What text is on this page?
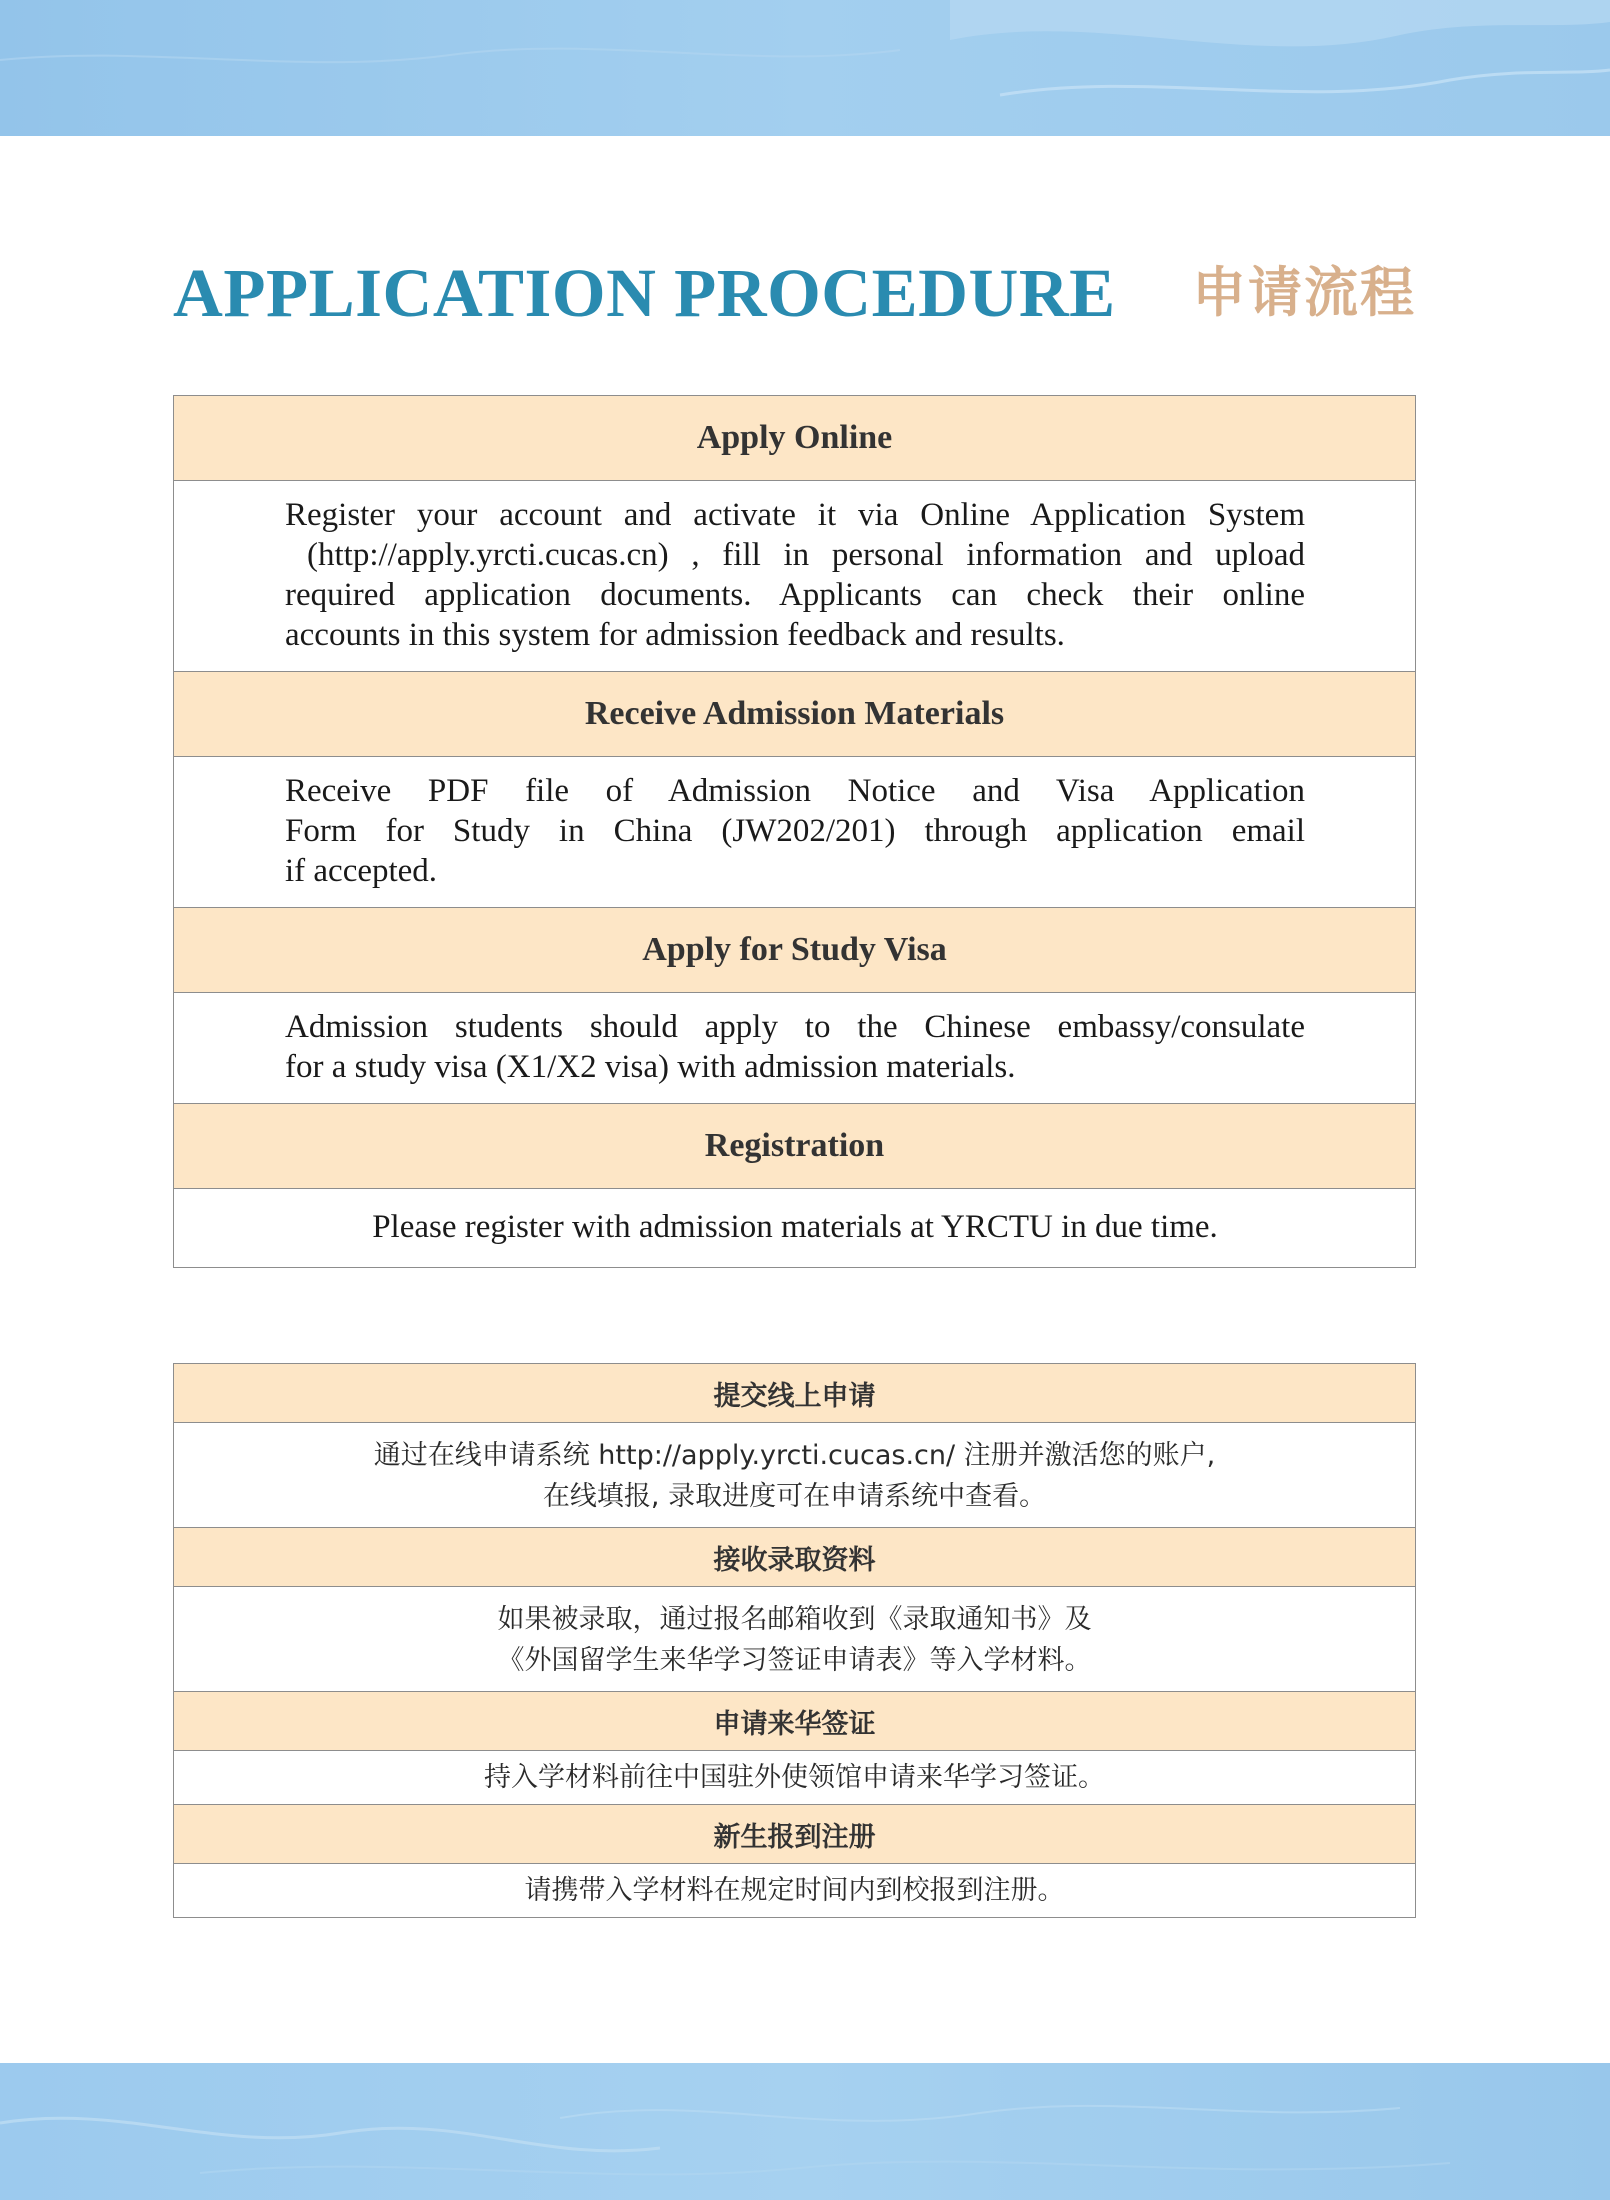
APPLICATION PROCEDURE 申请流程
Apply Online

Register your account and activate it via Online Application System
(http://apply.yrcti.cucas.cn) , fill in personal information and upload
required application documents. Applicants can check their online
accounts in this system for admission feedback and results.

Receive Admission Materials

Receive PDF file of Admission Notice and Visa Application
Form for Study in China (JW202/201) through application email
if accepted.

Apply for Study Visa

Admission students should apply to the Chinese embassy/consulate
for a study visa (X1/X2 visa) with admission materials.

Registration

Please register with admission materials at YRCTU in due time.
提交线上申请

通过在线申请系统 http://apply.yrcti.cucas.cn/ 注册并激活您的账户,
在线填报, 录取进度可在申请系统中查看。

接收录取资料

如果被录取，通过报名邮箱收到《录取通知书》及
《外国留学生来华学习签证申请表》等入学材料。

申请来华签证

持入学材料前往中国驻外使领馆申请来华学习签证。

新生报到注册

请携带入学材料在规定时间内到校报到注册。
